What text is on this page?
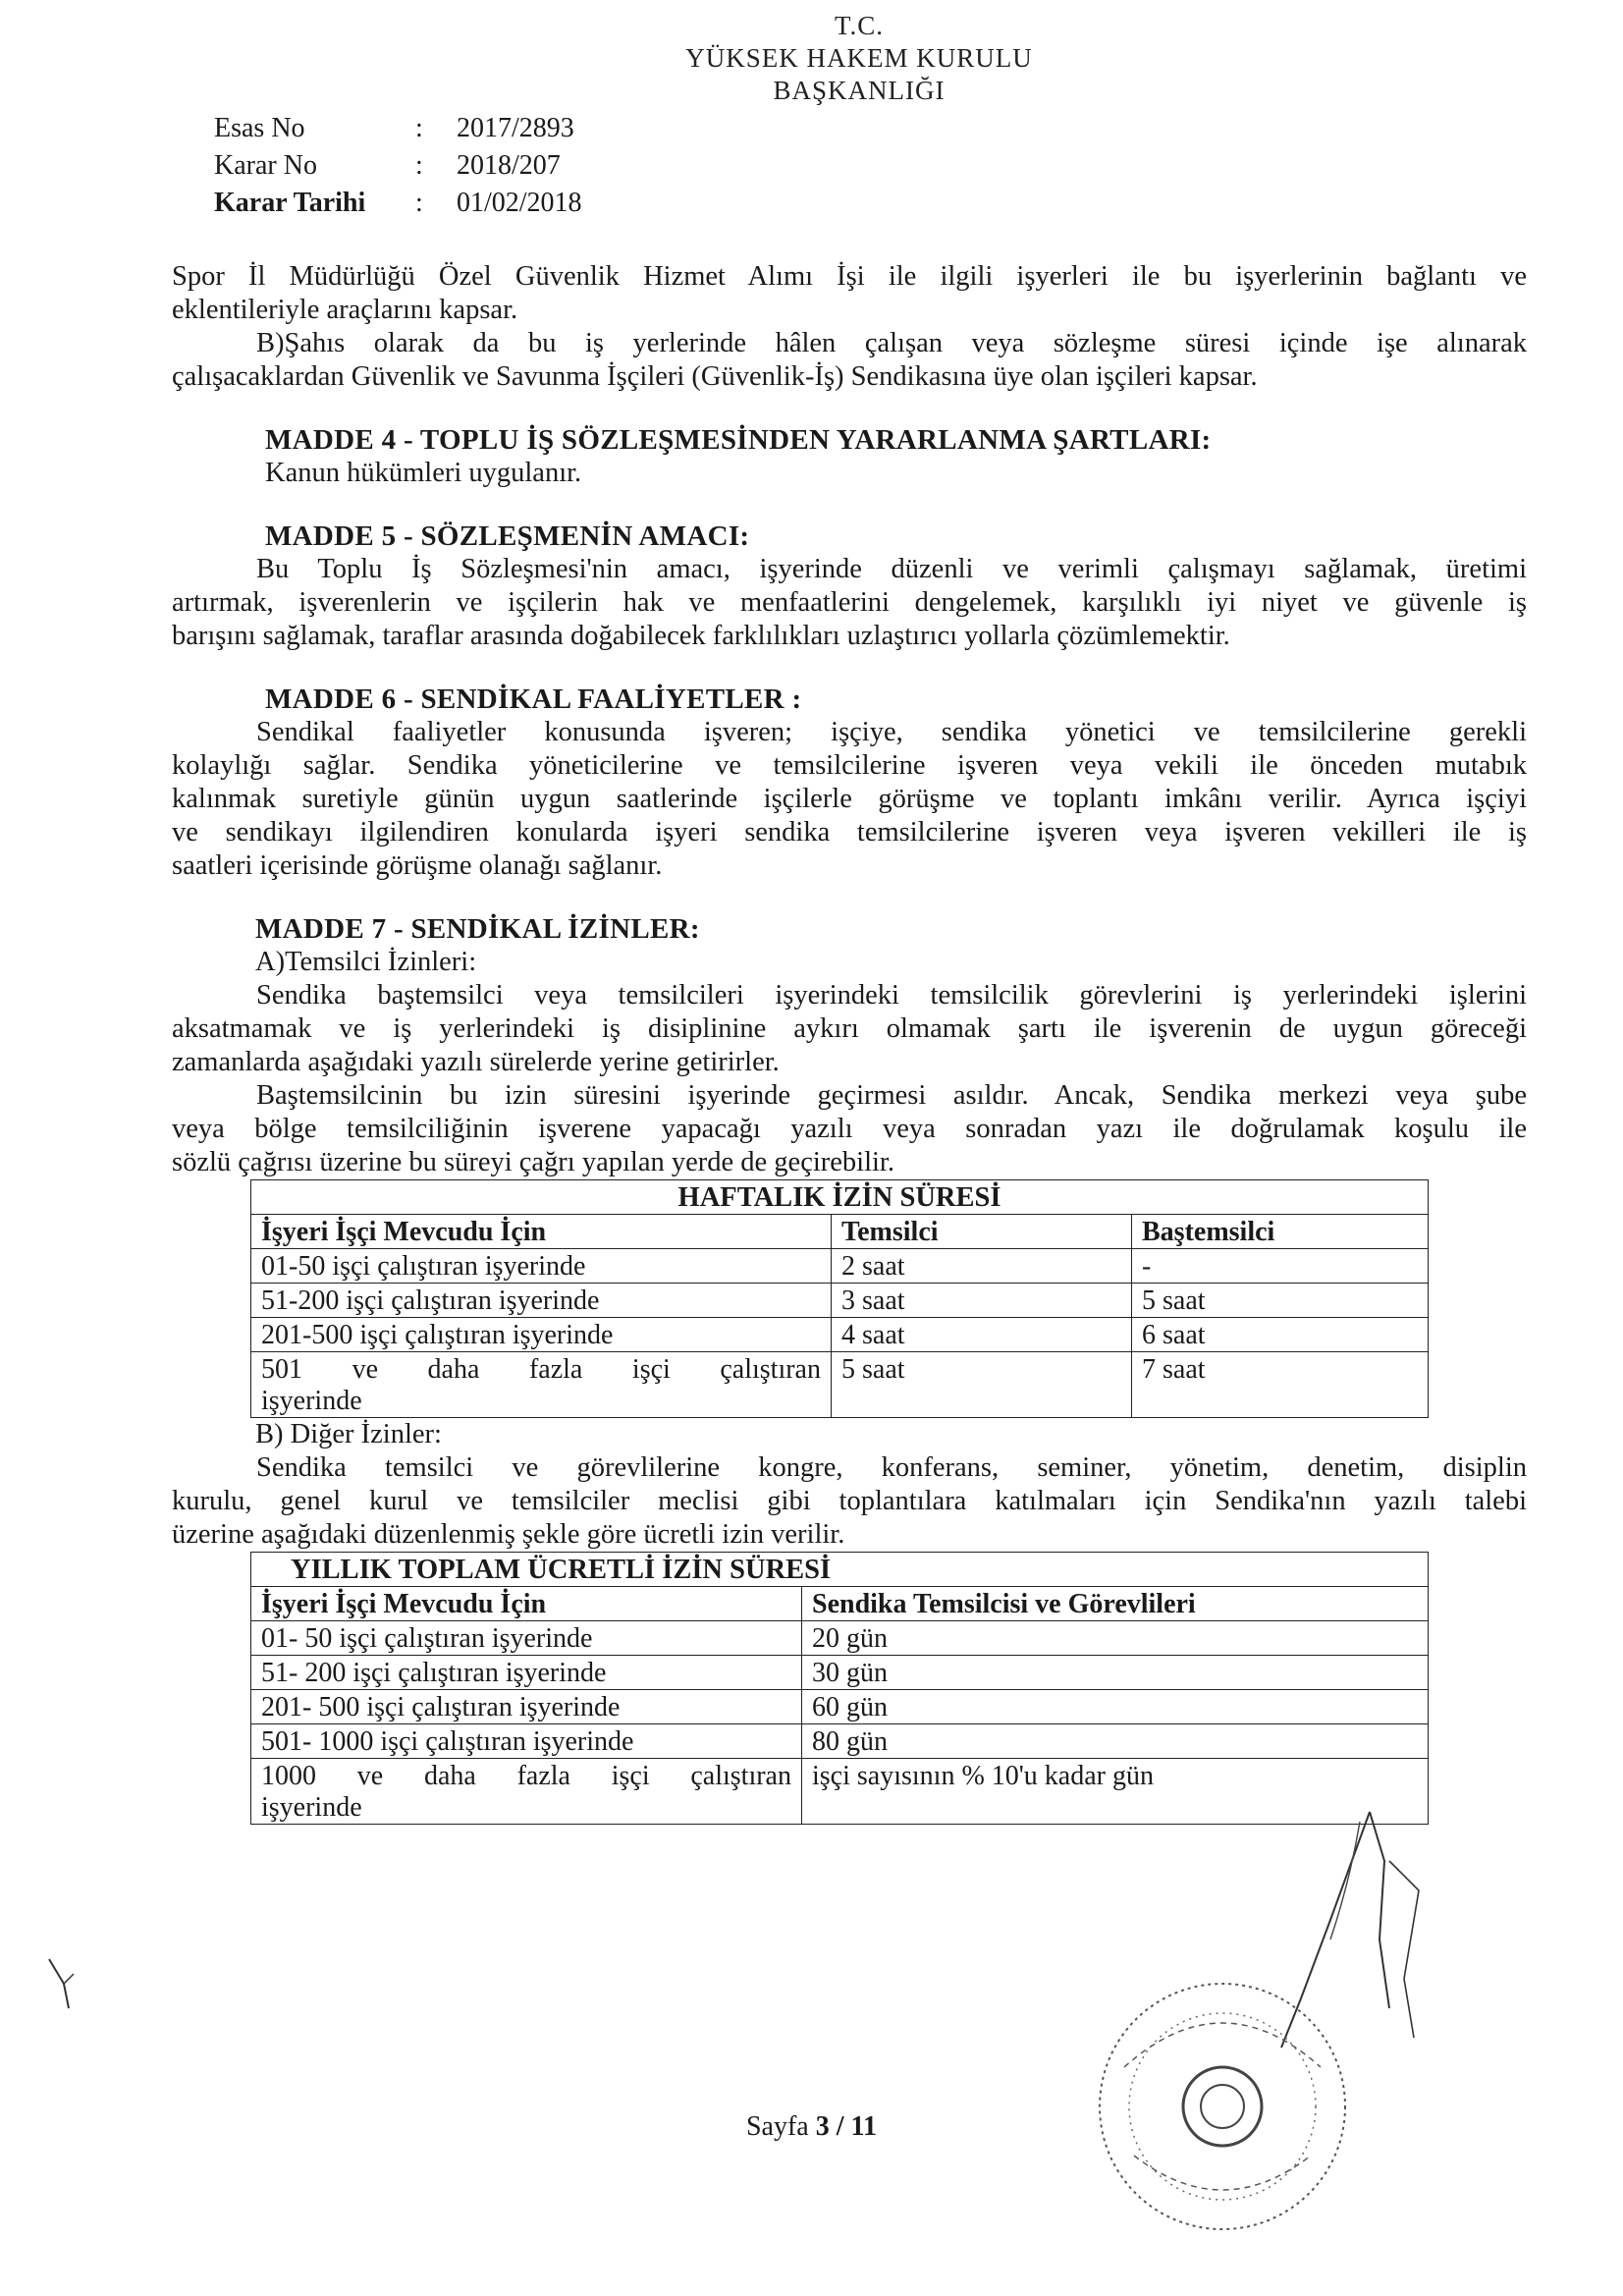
T.C.
YÜKSEK HAKEM KURULU
BAŞKANLIĞI
Esas No	:	2017/2893
Karar No	:	2018/207
Karar Tarihi	:	01/02/2018

Spor İl Müdürlüğü Özel Güvenlik Hizmet Alımı İşi ile ilgili işyerleri ile bu işyerlerinin bağlantı ve

eklentileriyle araçlarını kapsar.

B)Şahıs olarak da bu iş yerlerinde hâlen çalışan veya sözleşme süresi içinde işe alınarak

çalışacaklardan Güvenlik ve Savunma İşçileri (Güvenlik-İş) Sendikasına üye olan işçileri kapsar.

MADDE 4 - TOPLU İŞ SÖZLEŞMESİNDEN YARARLANMA ŞARTLARI:

Kanun hükümleri uygulanır.

MADDE 5 - SÖZLEŞMENİN AMACI:

Bu Toplu İş Sözleşmesi'nin amacı, işyerinde düzenli ve verimli çalışmayı sağlamak, üretimi

artırmak, işverenlerin ve işçilerin hak ve menfaatlerini dengelemek, karşılıklı iyi niyet ve güvenle iş

barışını sağlamak, taraflar arasında doğabilecek farklılıkları uzlaştırıcı yollarla çözümlemektir.

MADDE 6 - SENDİKAL FAALİYETLER :

Sendikal faaliyetler konusunda işveren; işçiye, sendika yönetici ve temsilcilerine gerekli

kolaylığı sağlar. Sendika yöneticilerine ve temsilcilerine işveren veya vekili ile önceden mutabık

kalınmak suretiyle günün uygun saatlerinde işçilerle görüşme ve toplantı imkânı verilir. Ayrıca işçiyi

ve sendikayı ilgilendiren konularda işyeri sendika temsilcilerine işveren veya işveren vekilleri ile iş

saatleri içerisinde görüşme olanağı sağlanır.

MADDE 7 - SENDİKAL İZİNLER:

A)Temsilci İzinleri:

Sendika baştemsilci veya temsilcileri işyerindeki temsilcilik görevlerini iş yerlerindeki işlerini

aksatmamak ve iş yerlerindeki iş disiplinine aykırı olmamak şartı ile işverenin de uygun göreceği

zamanlarda aşağıdaki yazılı sürelerde yerine getirirler.

Baştemsilcinin bu izin süresini işyerinde geçirmesi asıldır. Ancak, Sendika merkezi veya şube

veya bölge temsilciliğinin işverene yapacağı yazılı veya sonradan yazı ile doğrulamak koşulu ile

sözlü çağrısı üzerine bu süreyi çağrı yapılan yerde de geçirebilir.

HAFTALIK İZİN SÜRESİ		
İşyeri İşçi Mevcudu İçin	Temsilci	Baştemsilci
01-50 işçi çalıştıran işyerinde	2 saat	-
51-200 işçi çalıştıran işyerinde	3 saat	5 saat
201-500 işçi çalıştıran işyerinde	4 saat	6 saat

501 ve daha fazla işçi çalıştıran
işyerinde	5 saat	7 saat

B) Diğer İzinler:

Sendika temsilci ve görevlilerine kongre, konferans, seminer, yönetim, denetim, disiplin

kurulu, genel kurul ve temsilciler meclisi gibi toplantılara katılmaları için Sendika'nın yazılı talebi

üzerine aşağıdaki düzenlenmiş şekle göre ücretli izin verilir.

YILLIK TOPLAM ÜCRETLİ İZİN SÜRESİ	
İşyeri İşçi Mevcudu İçin	Sendika Temsilcisi ve Görevlileri
01- 50 işçi çalıştıran işyerinde	20 gün
51- 200 işçi çalıştıran işyerinde	30 gün
201- 500 işçi çalıştıran işyerinde	60 gün
501- 1000 işçi çalıştıran işyerinde	80 gün

1000 ve daha fazla işçi çalıştıran
işyerinde	işçi sayısının % 10'u kadar gün
Sayfa 3 / 11
